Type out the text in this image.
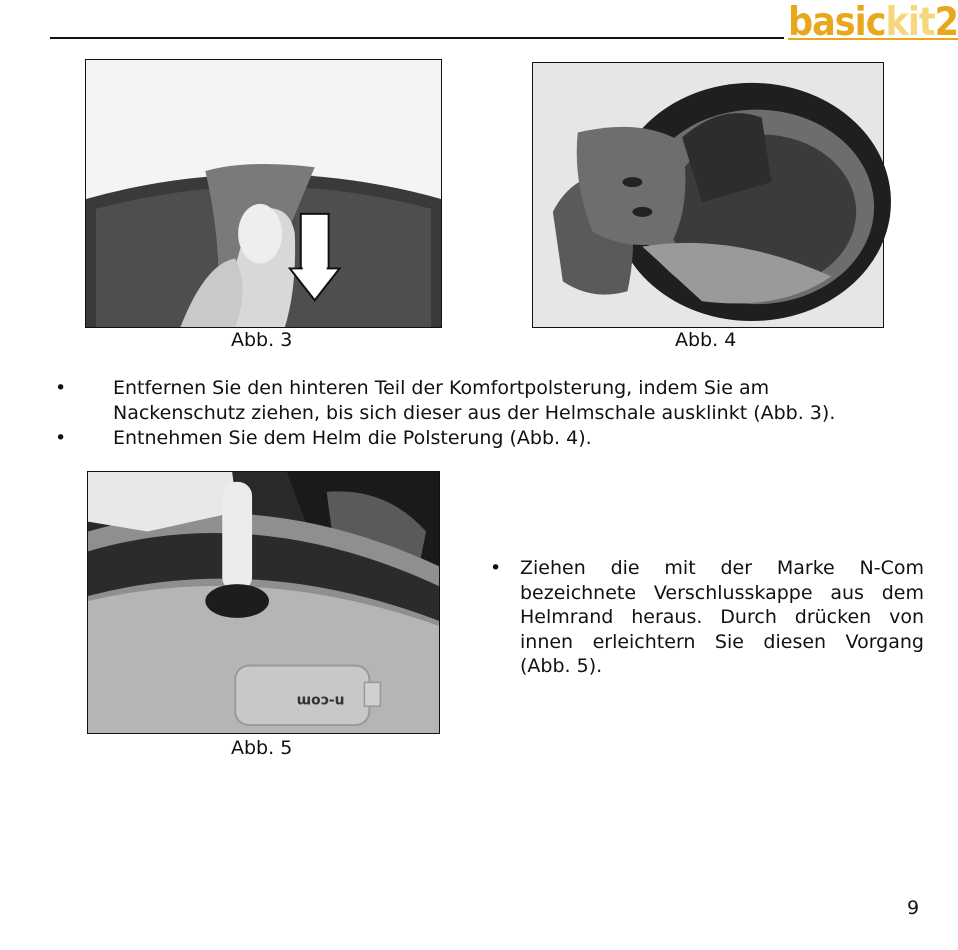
basickit2
Abb. 3	Abb. 4
• Entfernen Sie den hinteren Teil der Komfortpolsterung, indem Sie am Nackenschutz ziehen, bis sich dieser aus der Helmschale ausklinkt (Abb. 3).
• Entnehmen Sie dem Helm die Polsterung (Abb. 4).
n-com
Abb. 5
• Ziehen die mit der Marke N-Com bezeichnete Verschlusskappe aus dem Helmrand heraus. Durch drücken von innen erleichtern Sie diesen Vorgang (Abb. 5).
9
